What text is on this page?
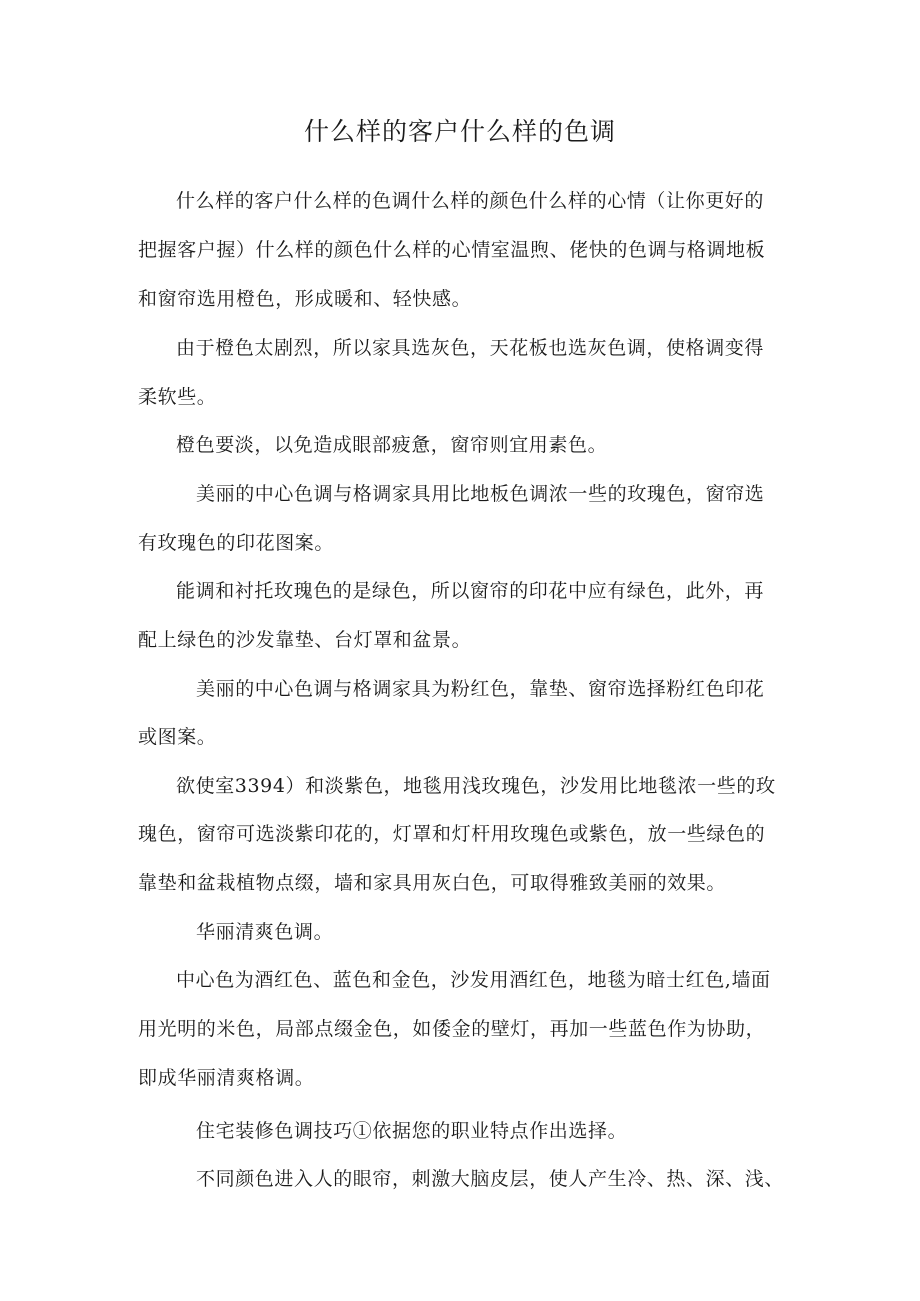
什么样的客户什么样的色调
什么样的客户什么样的色调什么样的颜色什么样的心情（让你更好的
把握客户握）什么样的颜色什么样的心情室温煦、佬快的色调与格调地板
和窗帘选用橙色，形成暖和、轻快感。
由于橙色太剧烈，所以家具选灰色，天花板也选灰色调，使格调变得
柔软些。
橙色要淡，以免造成眼部疲惫，窗帘则宜用素色。
美丽的中心色调与格调家具用比地板色调浓一些的玫瑰色，窗帘选
有玫瑰色的印花图案。
能调和衬托玫瑰色的是绿色，所以窗帘的印花中应有绿色，此外，再
配上绿色的沙发靠垫、台灯罩和盆景。
美丽的中心色调与格调家具为粉红色，靠垫、窗帘选择粉红色印花
或图案。
欲使室3394）和淡紫色，地毯用浅玫瑰色，沙发用比地毯浓一些的玫
瑰色，窗帘可选淡紫印花的，灯罩和灯杆用玫瑰色或紫色，放一些绿色的
靠垫和盆栽植物点缀，墙和家具用灰白色，可取得雅致美丽的效果。
华丽清爽色调。
中心色为酒红色、蓝色和金色，沙发用酒红色，地毯为暗士红色,墙面
用光明的米色，局部点缀金色，如倭金的壁灯，再加一些蓝色作为协助，
即成华丽清爽格调。
住宅装修色调技巧①依据您的职业特点作出选择。
不同颜色进入人的眼帘，刺激大脑皮层，使人产生冷、热、深、浅、
